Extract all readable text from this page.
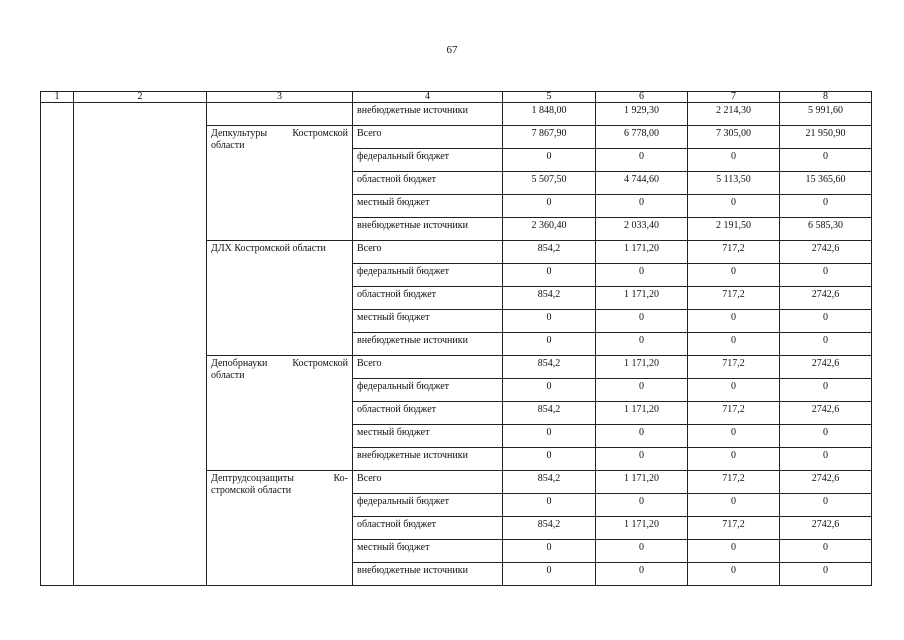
67
1	2	3	4	5	6	7	8
			внебюджетные источники	1 848,00	1 929,30	2 214,30	5 991,60
		Депкультуры Костромской области	Всего	7 867,90	6 778,00	7 305,00	21 950,90
			федеральный бюджет	0	0	0	0
			областной бюджет	5 507,50	4 744,60	5 113,50	15 365,60
			местный бюджет	0	0	0	0
			внебюджетные источники	2 360,40	2 033,40	2 191,50	6 585,30
		ДЛХ Костромской области	Всего	854,2	1 171,20	717,2	2742,6
			федеральный бюджет	0	0	0	0
			областной бюджет	854,2	1 171,20	717,2	2742,6
			местный бюджет	0	0	0	0
			внебюджетные источники	0	0	0	0
		Депобрнауки Костромской области	Всего	854,2	1 171,20	717,2	2742,6
			федеральный бюджет	0	0	0	0
			областной бюджет	854,2	1 171,20	717,2	2742,6
			местный бюджет	0	0	0	0
			внебюджетные источники	0	0	0	0
		Дептрудсоцзащиты Ко-стромской области	Всего	854,2	1 171,20	717,2	2742,6
			федеральный бюджет	0	0	0	0
			областной бюджет	854,2	1 171,20	717,2	2742,6
			местный бюджет	0	0	0	0
			внебюджетные источники	0	0	0	0
